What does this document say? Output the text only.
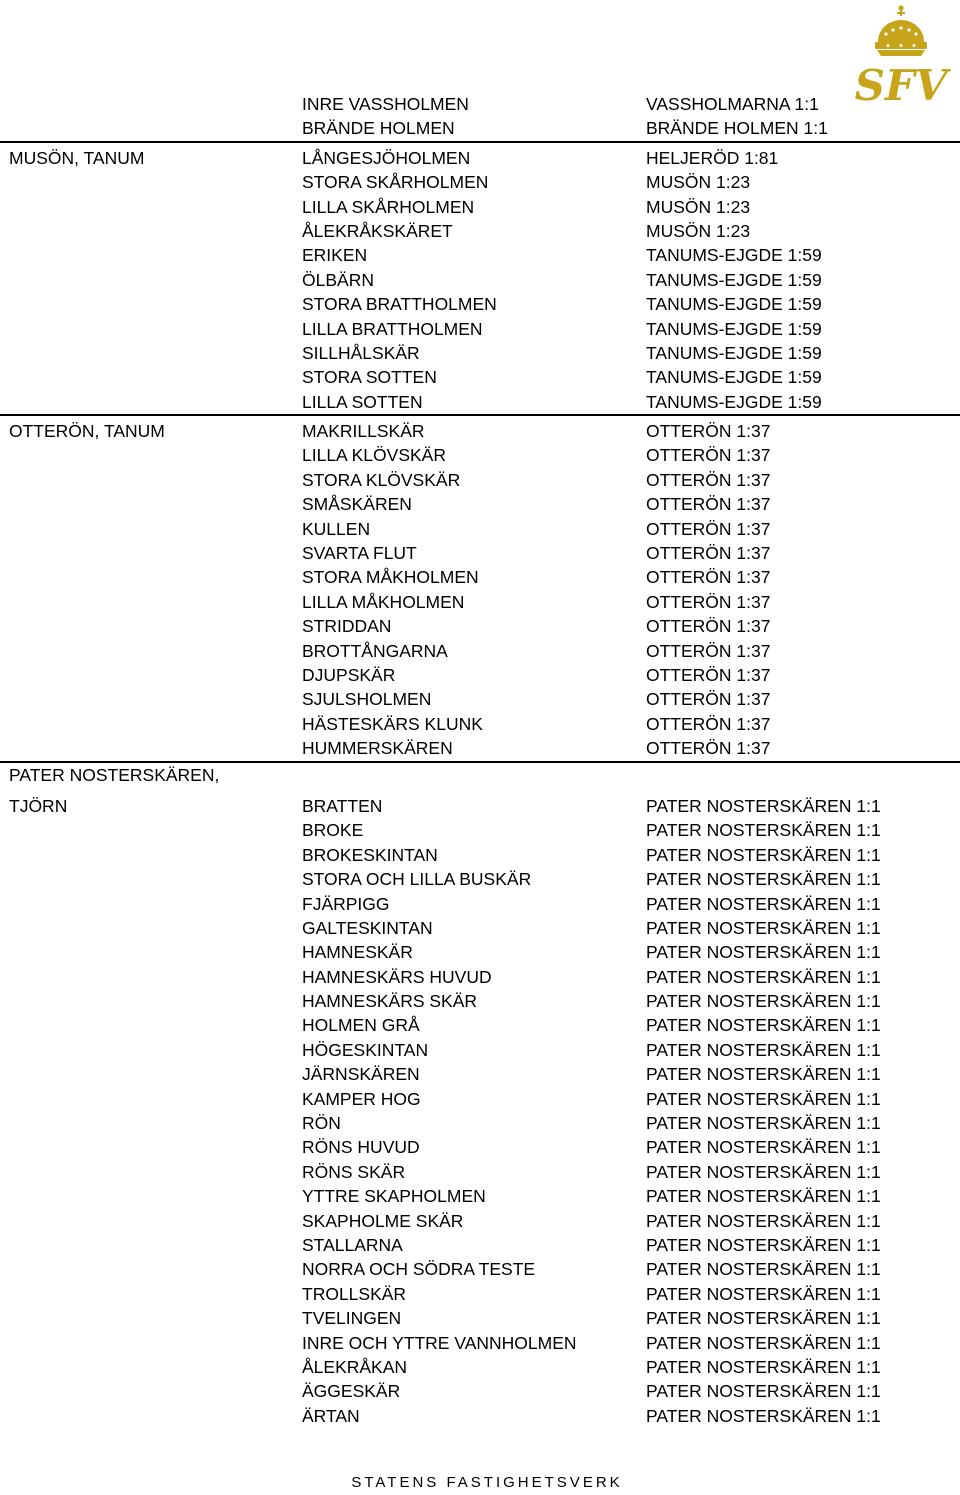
SFV
INRE VASSHOLMEN	VASSHOLMARNA 1:1
BRÄNDE HOLMEN	BRÄNDE HOLMEN 1:1
MUSÖN, TANUM	LÅNGESJÖHOLMEN	HELJERÖD 1:81
STORA SKÅRHOLMEN	MUSÖN 1:23
LILLA SKÅRHOLMEN	MUSÖN 1:23
ÅLEKRÅKSKÄRET	MUSÖN 1:23
ERIKEN	TANUMS-EJGDE 1:59
ÖLBÄRN	TANUMS-EJGDE 1:59
STORA BRATTHOLMEN	TANUMS-EJGDE 1:59
LILLA BRATTHOLMEN	TANUMS-EJGDE 1:59
SILLHÅLSKÄR	TANUMS-EJGDE 1:59
STORA SOTTEN	TANUMS-EJGDE 1:59
LILLA SOTTEN	TANUMS-EJGDE 1:59
OTTERÖN, TANUM	MAKRILLSKÄR	OTTERÖN 1:37
LILLA KLÖVSKÄR	OTTERÖN 1:37
STORA KLÖVSKÄR	OTTERÖN 1:37
SMÅSKÄREN	OTTERÖN 1:37
KULLEN	OTTERÖN 1:37
SVARTA FLUT	OTTERÖN 1:37
STORA MÅKHOLMEN	OTTERÖN 1:37
LILLA MÅKHOLMEN	OTTERÖN 1:37
STRIDDAN	OTTERÖN 1:37
BROTTÅNGARNA	OTTERÖN 1:37
DJUPSKÄR	OTTERÖN 1:37
SJULSHOLMEN	OTTERÖN 1:37
HÄSTESKÄRS KLUNK	OTTERÖN 1:37
HUMMERSKÄREN	OTTERÖN 1:37
PATER NOSTERSKÄREN,
TJÖRN	BRATTEN	PATER NOSTERSKÄREN 1:1
BROKE	PATER NOSTERSKÄREN 1:1
BROKESKINTAN	PATER NOSTERSKÄREN 1:1
STORA OCH LILLA BUSKÄR	PATER NOSTERSKÄREN 1:1
FJÄRPIGG	PATER NOSTERSKÄREN 1:1
GALTESKINTAN	PATER NOSTERSKÄREN 1:1
HAMNESKÄR	PATER NOSTERSKÄREN 1:1
HAMNESKÄRS HUVUD	PATER NOSTERSKÄREN 1:1
HAMNESKÄRS SKÄR	PATER NOSTERSKÄREN 1:1
HOLMEN GRÅ	PATER NOSTERSKÄREN 1:1
HÖGESKINTAN	PATER NOSTERSKÄREN 1:1
JÄRNSKÄREN	PATER NOSTERSKÄREN 1:1
KAMPER HOG	PATER NOSTERSKÄREN 1:1
RÖN	PATER NOSTERSKÄREN 1:1
RÖNS HUVUD	PATER NOSTERSKÄREN 1:1
RÖNS SKÄR	PATER NOSTERSKÄREN 1:1
YTTRE SKAPHOLMEN	PATER NOSTERSKÄREN 1:1
SKAPHOLME SKÄR	PATER NOSTERSKÄREN 1:1
STALLARNA	PATER NOSTERSKÄREN 1:1
NORRA OCH SÖDRA TESTE	PATER NOSTERSKÄREN 1:1
TROLLSKÄR	PATER NOSTERSKÄREN 1:1
TVELINGEN	PATER NOSTERSKÄREN 1:1
INRE OCH YTTRE VANNHOLMEN	PATER NOSTERSKÄREN 1:1
ÅLEKRÅKAN	PATER NOSTERSKÄREN 1:1
ÄGGESKÄR	PATER NOSTERSKÄREN 1:1
ÄRTAN	PATER NOSTERSKÄREN 1:1
STATENS FASTIGHETSVERK
